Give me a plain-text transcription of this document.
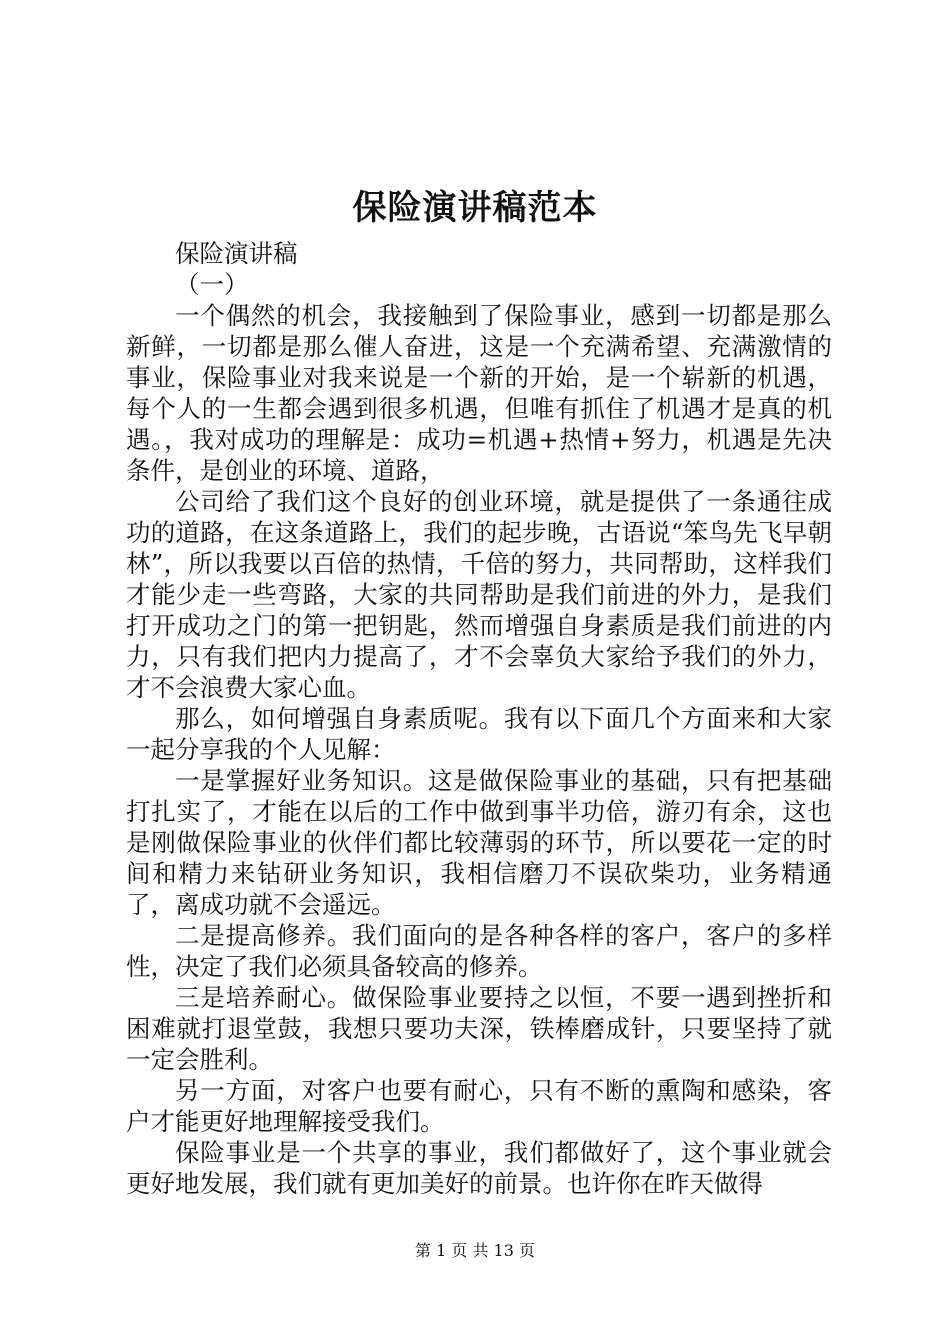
保险演讲稿范本

保险演讲稿

（一）

一个偶然的机会，我接触到了保险事业，感到一切都是那么新鲜，一切都是那么催人奋进，这是一个充满希望、充满激情的事业，保险事业对我来说是一个新的开始，是一个崭新的机遇，每个人的一生都会遇到很多机遇，但唯有抓住了机遇才是真的机遇。，我对成功的理解是：成功=机遇+热情+努力，机遇是先决条件，是创业的环境、道路，

公司给了我们这个良好的创业环境，就是提供了一条通往成功的道路，在这条道路上，我们的起步晚，古语说“笨鸟先飞早朝林”，所以我要以百倍的热情，千倍的努力，共同帮助，这样我们才能少走一些弯路，大家的共同帮助是我们前进的外力，是我们打开成功之门的第一把钥匙，然而增强自身素质是我们前进的内力，只有我们把内力提高了，才不会辜负大家给予我们的外力，才不会浪费大家心血。

那么，如何增强自身素质呢。我有以下面几个方面来和大家一起分享我的个人见解：

一是掌握好业务知识。这是做保险事业的基础，只有把基础打扎实了，才能在以后的工作中做到事半功倍，游刃有余，这也是刚做保险事业的伙伴们都比较薄弱的环节，所以要花一定的时间和精力来钻研业务知识，我相信磨刀不误砍柴功，业务精通了，离成功就不会遥远。

二是提高修养。我们面向的是各种各样的客户，客户的多样性，决定了我们必须具备较高的修养。

三是培养耐心。做保险事业要持之以恒，不要一遇到挫折和困难就打退堂鼓，我想只要功夫深，铁棒磨成针，只要坚持了就一定会胜利。

另一方面，对客户也要有耐心，只有不断的熏陶和感染，客户才能更好地理解接受我们。

保险事业是一个共享的事业，我们都做好了，这个事业就会更好地发展，我们就有更加美好的前景。也许你在昨天做得

第 1 页 共 13 页
